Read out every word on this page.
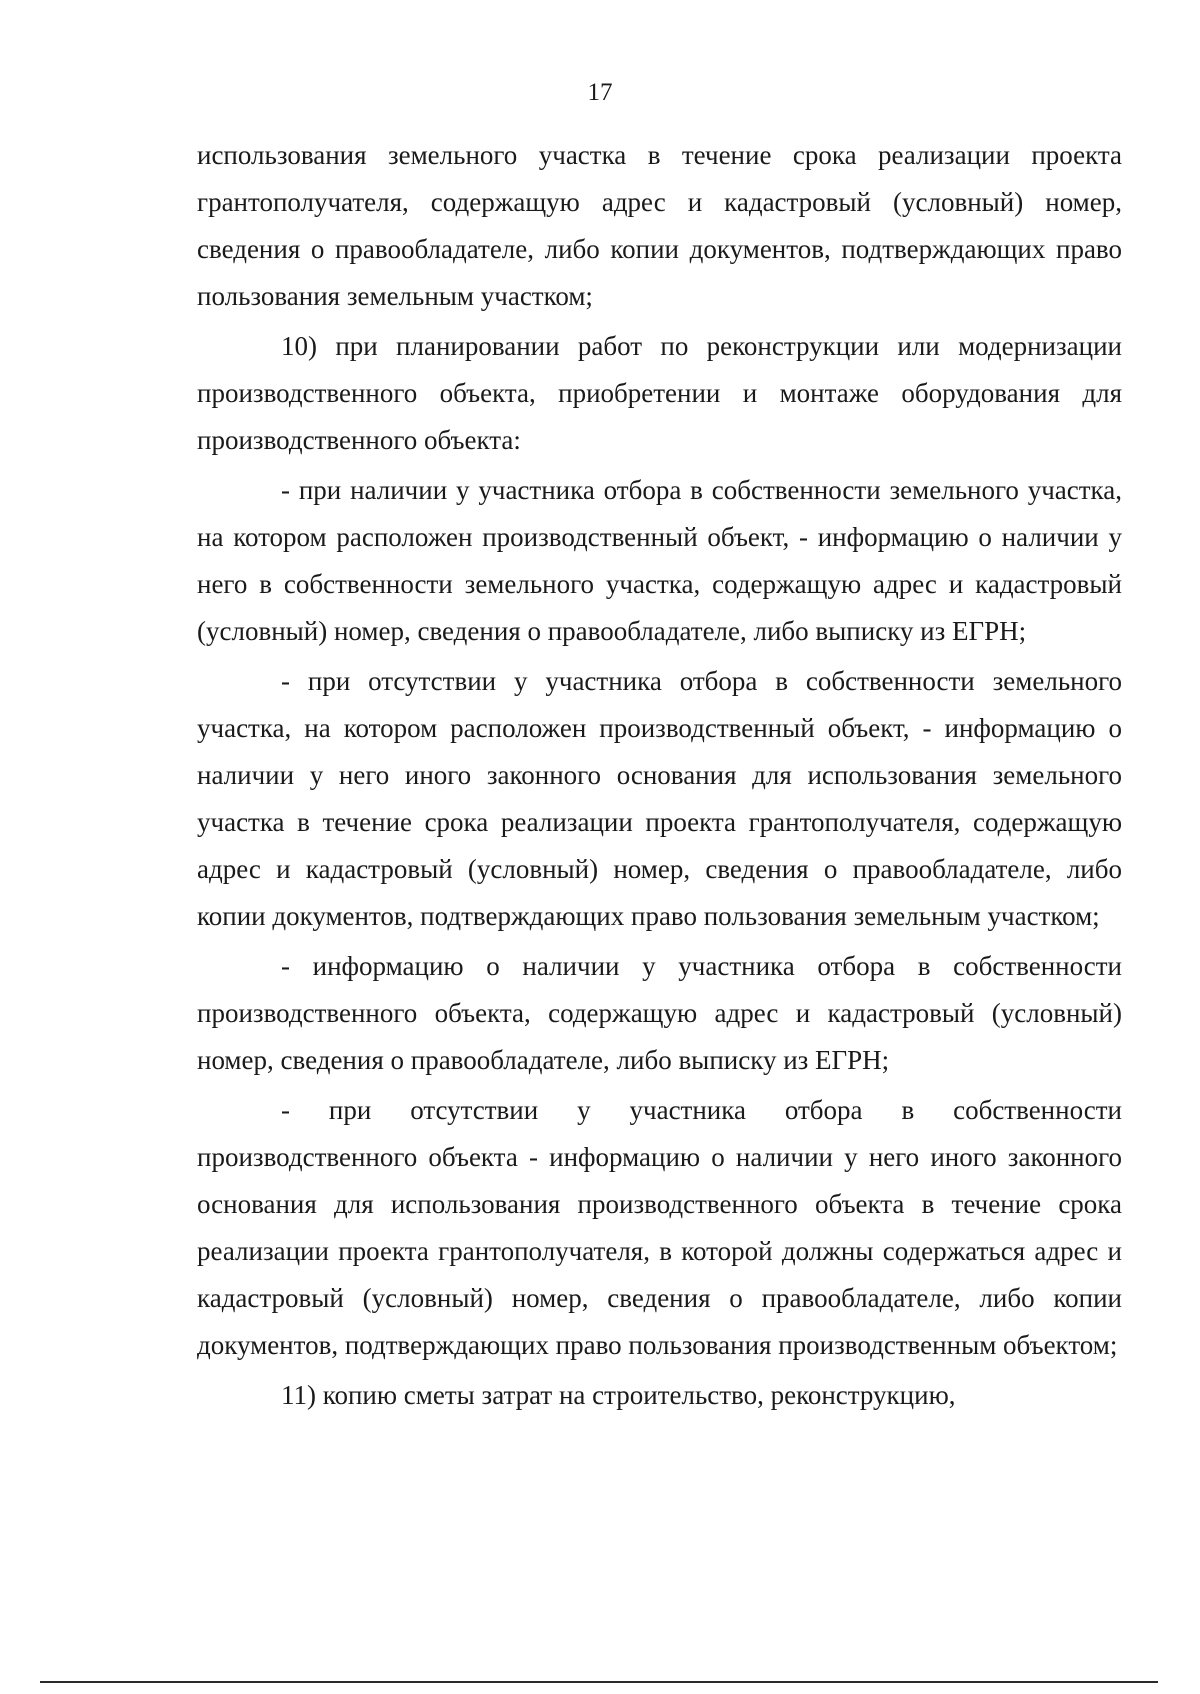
17

использования земельного участка в течение срока реализации проекта грантополучателя, содержащую адрес и кадастровый (условный) номер, сведения о правообладателе, либо копии документов, подтверждающих право пользования земельным участком;

10) при планировании работ по реконструкции или модернизации производственного объекта, приобретении и монтаже оборудования для производственного объекта:

- при наличии у участника отбора в собственности земельного участка, на котором расположен производственный объект, - информацию о наличии у него в собственности земельного участка, содержащую адрес и кадастровый (условный) номер, сведения о правообладателе, либо выписку из ЕГРН;

- при отсутствии у участника отбора в собственности земельного участка, на котором расположен производственный объект, - информацию о наличии у него иного законного основания для использования земельного участка в течение срока реализации проекта грантополучателя, содержащую адрес и кадастровый (условный) номер, сведения о правообладателе, либо копии документов, подтверждающих право пользования земельным участком;

- информацию о наличии у участника отбора в собственности производственного объекта, содержащую адрес и кадастровый (условный) номер, сведения о правообладателе, либо выписку из ЕГРН;

- при отсутствии у участника отбора в собственности производственного объекта - информацию о наличии у него иного законного основания для использования производственного объекта в течение срока реализации проекта грантополучателя, в которой должны содержаться адрес и кадастровый (условный) номер, сведения о правообладателе, либо копии документов, подтверждающих право пользования производственным объектом;

11) копию сметы затрат на строительство, реконструкцию,
